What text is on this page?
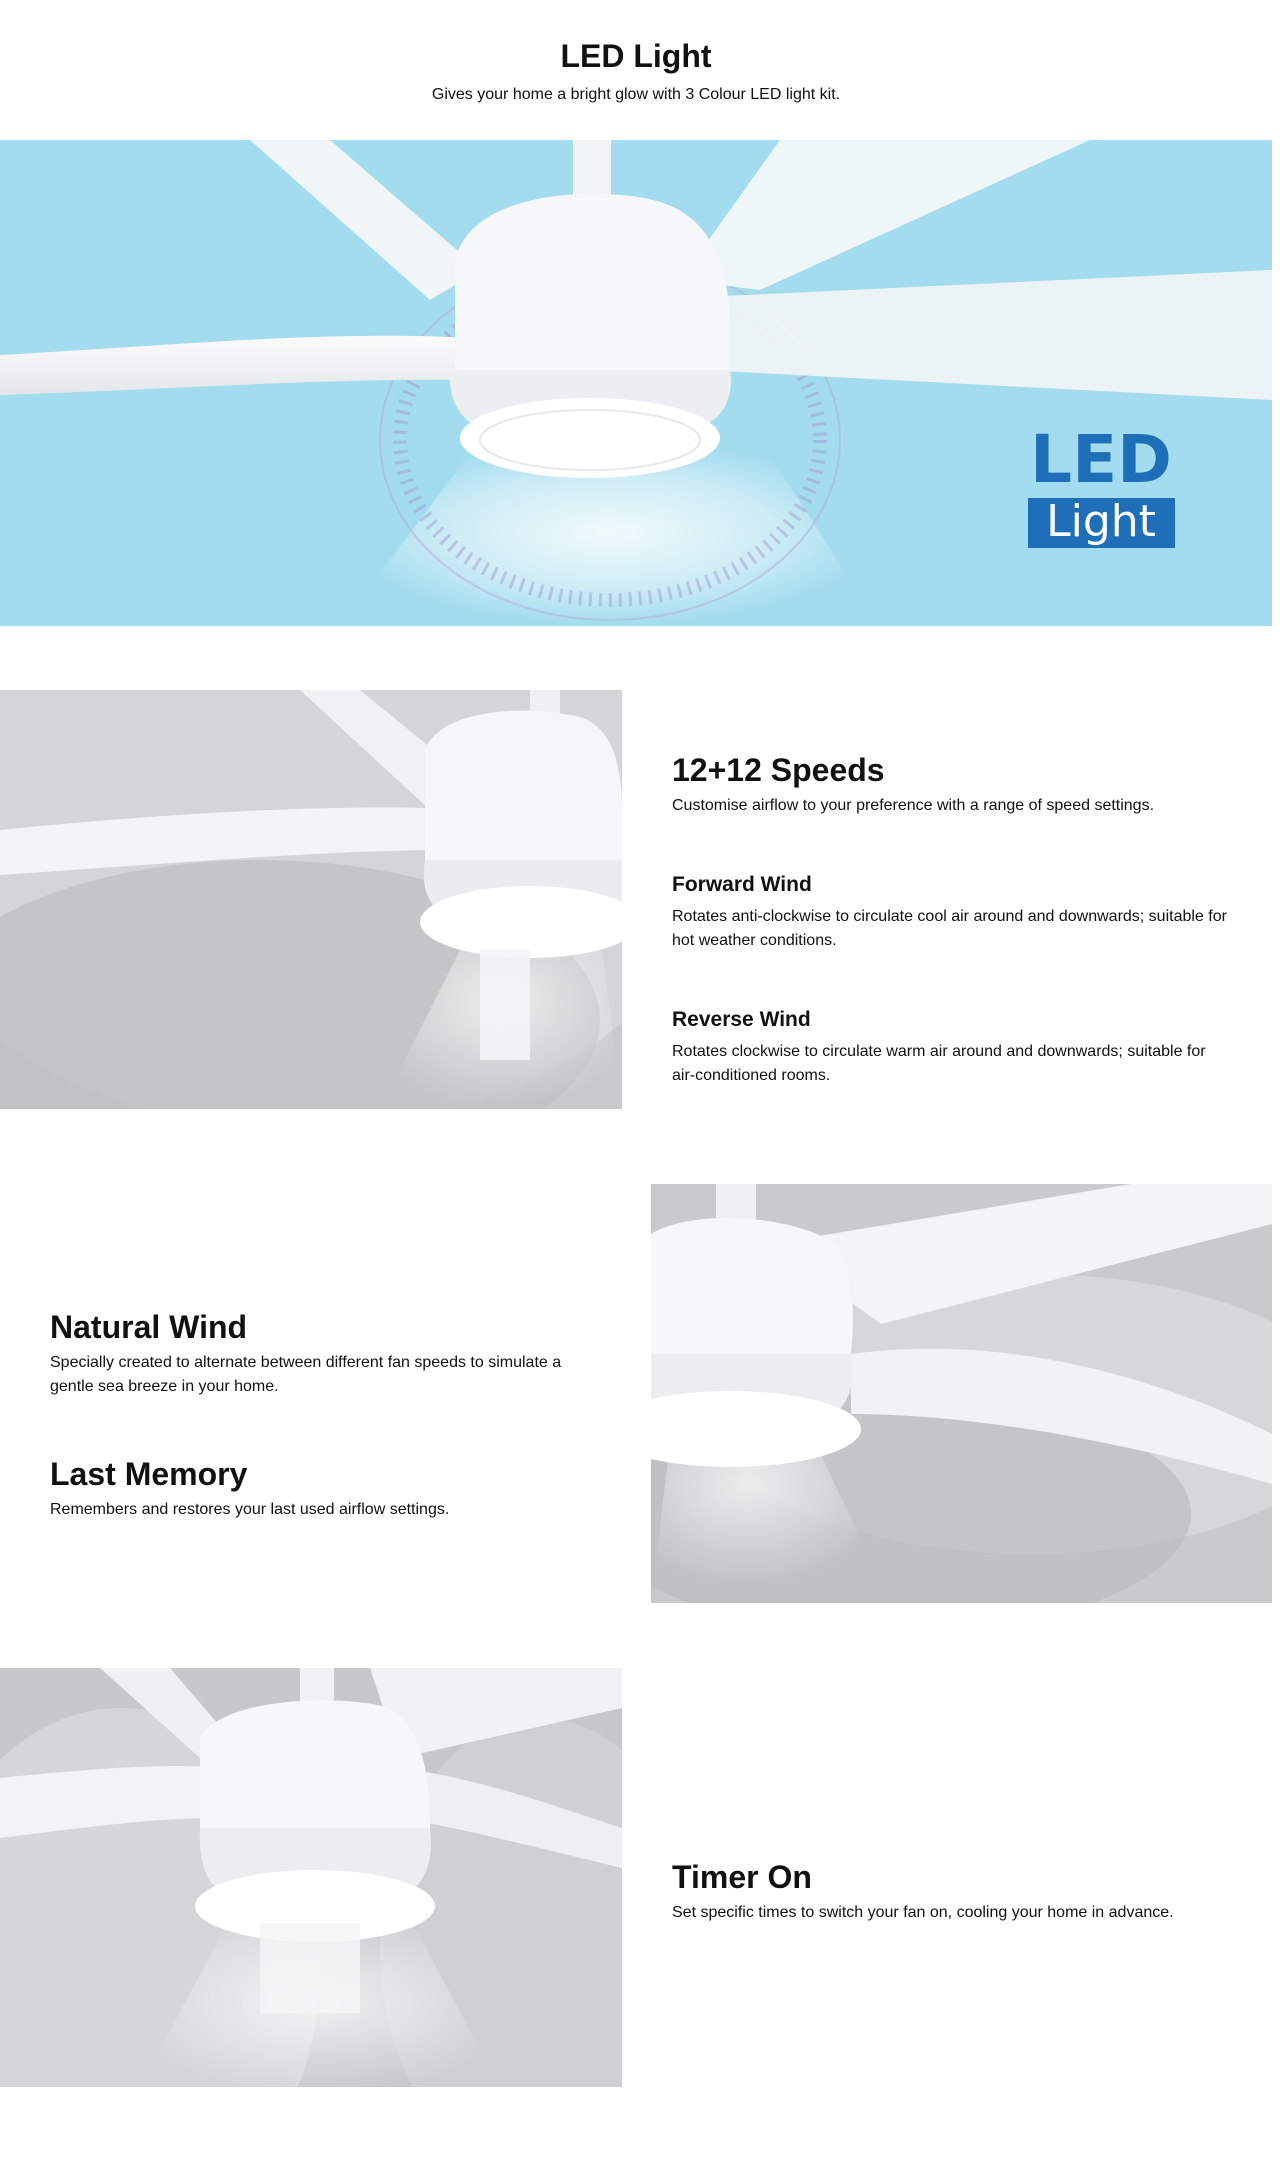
LED Light

Gives your home a bright glow with 3 Colour LED light kit.

LED
Light
12+12 Speeds

Customise airflow to your preference with a range of speed settings.

Forward Wind

Rotates anti-clockwise to circulate cool air around and downwards; suitable for

hot weather conditions.

Reverse Wind

Rotates clockwise to circulate warm air around and downwards; suitable for

air-conditioned rooms.

Natural Wind

Specially created to alternate between different fan speeds to simulate a

gentle sea breeze in your home.

Last Memory

Remembers and restores your last used airflow settings.

Timer On

Set specific times to switch your fan on, cooling your home in advance.
